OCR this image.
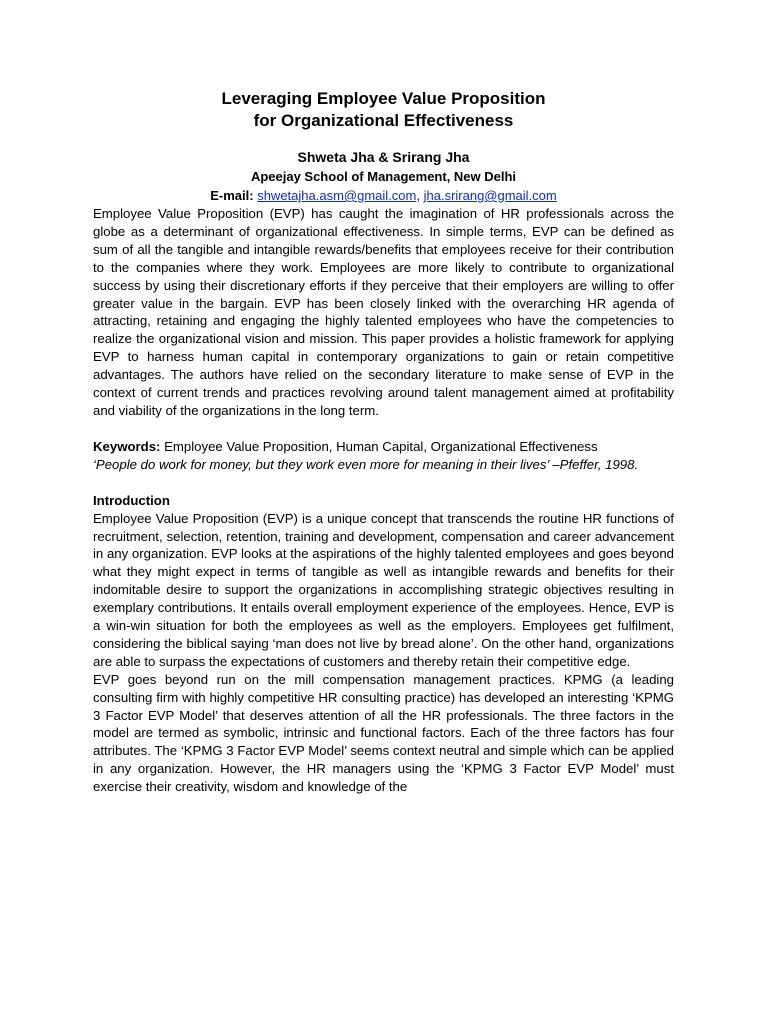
Leveraging Employee Value Proposition
for Organizational Effectiveness
Shweta Jha & Srirang Jha
Apeejay School of Management, New Delhi
E-mail: shwetajha.asm@gmail.com, jha.srirang@gmail.com

Employee Value Proposition (EVP) has caught the imagination of HR professionals across the globe as a determinant of organizational effectiveness. In simple terms, EVP can be defined as sum of all the tangible and intangible rewards/benefits that employees receive for their contribution to the companies where they work. Employees are more likely to contribute to organizational success by using their discretionary efforts if they perceive that their employers are willing to offer greater value in the bargain. EVP has been closely linked with the overarching HR agenda of attracting, retaining and engaging the highly talented employees who have the competencies to realize the organizational vision and mission. This paper provides a holistic framework for applying EVP to harness human capital in contemporary organizations to gain or retain competitive advantages. The authors have relied on the secondary literature to make sense of EVP in the context of current trends and practices revolving around talent management aimed at profitability and viability of the organizations in the long term.

Keywords: Employee Value Proposition, Human Capital, Organizational Effectiveness

‘People do work for money, but they work even more for meaning in their lives’ –Pfeffer, 1998.

Introduction

Employee Value Proposition (EVP) is a unique concept that transcends the routine HR functions of recruitment, selection, retention, training and development, compensation and career advancement in any organization. EVP looks at the aspirations of the highly talented employees and goes beyond what they might expect in terms of tangible as well as intangible rewards and benefits for their indomitable desire to support the organizations in accomplishing strategic objectives resulting in exemplary contributions. It entails overall employment experience of the employees. Hence, EVP is a win-win situation for both the employees as well as the employers. Employees get fulfilment, considering the biblical saying ‘man does not live by bread alone’. On the other hand, organizations are able to surpass the expectations of customers and thereby retain their competitive edge.

EVP goes beyond run on the mill compensation management practices. KPMG (a leading consulting firm with highly competitive HR consulting practice) has developed an interesting ‘KPMG 3 Factor EVP Model’ that deserves attention of all the HR professionals. The three factors in the model are termed as symbolic, intrinsic and functional factors. Each of the three factors has four attributes. The ‘KPMG 3 Factor EVP Model’ seems context neutral and simple which can be applied in any organization. However, the HR managers using the ‘KPMG 3 Factor EVP Model’ must exercise their creativity, wisdom and knowledge of the
